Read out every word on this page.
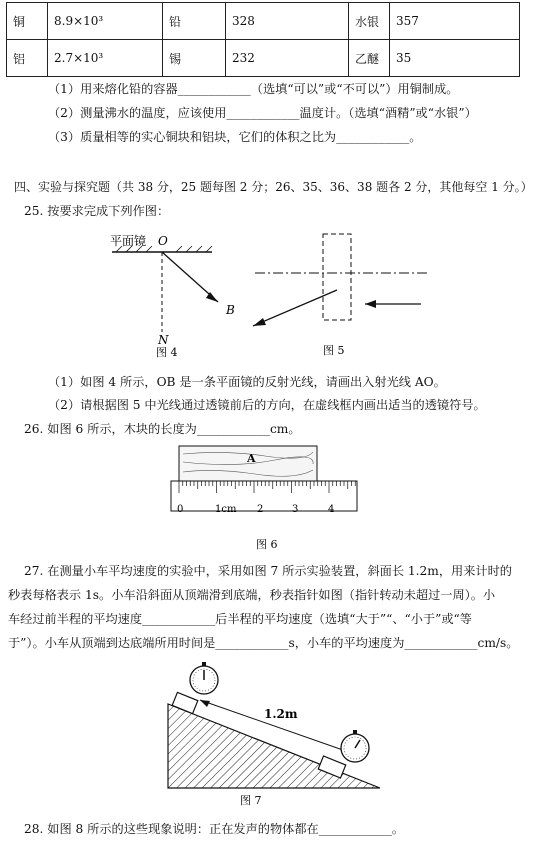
铜	8.9×10³	铅	328	水银	357
铝	2.7×10³	锡	232	乙醚	35
（1）用来熔化铅的容器____________（选填“可以”或“不可以”）用铜制成。
（2）测量沸水的温度，应该使用____________温度计。（选填“酒精”或“水银”）
（3）质量相等的实心铜块和铝块，它们的体积之比为____________。
四、实验与探究题（共 38 分，25 题每图 2 分；26、35、36、38 题各 2 分，其他每空 1 分。）
25. 按要求完成下列作图：
平面镜 O
B
N
图 4	图 5
（1）如图 4 所示，OB 是一条平面镜的反射光线，请画出入射光线 AO。
（2）请根据图 5 中光线通过透镜前后的方向，在虚线框内画出适当的透镜符号。
26. 如图 6 所示，木块的长度为____________cm。
A
0	1cm 2	3	4
图 6
27. 在测量小车平均速度的实验中，采用如图 7 所示实验装置，斜面长 1.2m，用来计时的
秒表每格表示 1s。小车沿斜面从顶端滑到底端，秒表指针如图（指针转动未超过一周）。小
车经过前半程的平均速度____________后半程的平均速度（选填“大于”“、“小于”或“等
于”）。小车从顶端到达底端所用时间是____________s，小车的平均速度为____________cm/s。
1.2m
图 7
28. 如图 8 所示的这些现象说明：正在发声的物体都在____________。
